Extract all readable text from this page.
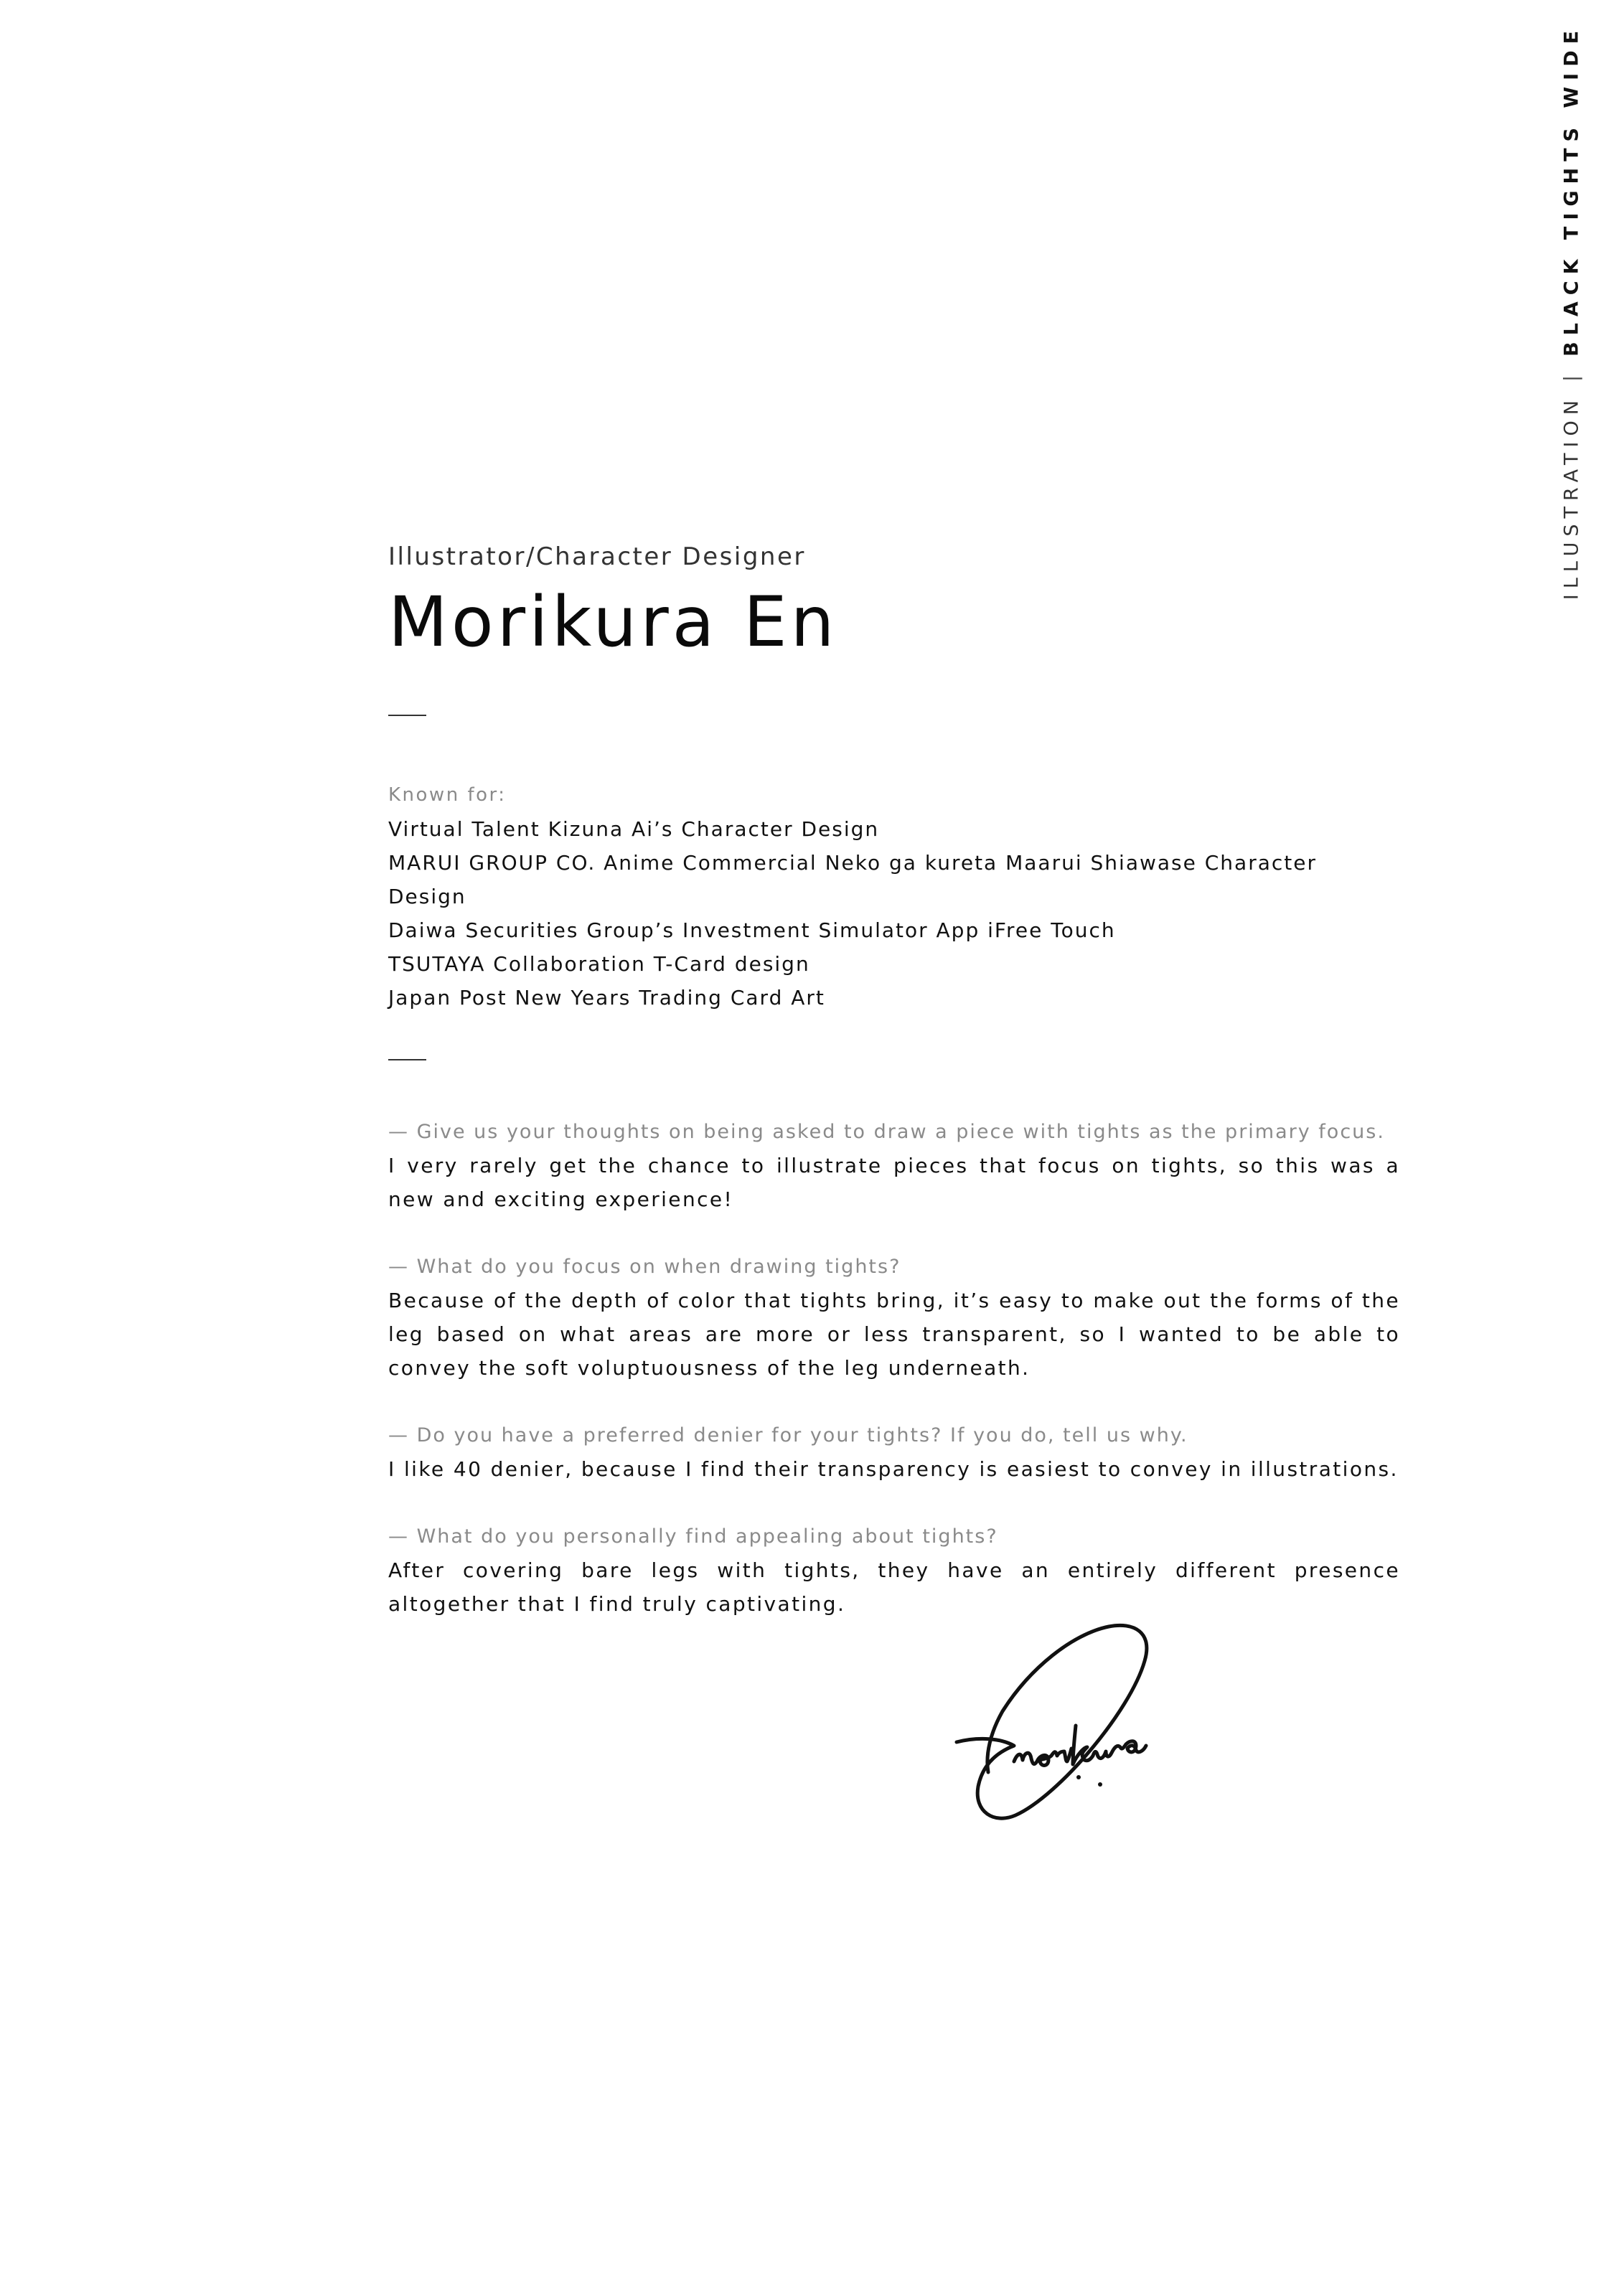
ILLUSTRATION|BLACK TIGHTS WIDE

Illustrator/Character Designer

Morikura En
Known for:
Virtual Talent Kizuna Ai’s Character Design
MARUI GROUP CO. Anime Commercial Neko ga kureta Maarui Shiawase Character Design
Daiwa Securities Group’s Investment Simulator App iFree Touch
TSUTAYA Collaboration T-Card design
Japan Post New Years Trading Card Art
— Give us your thoughts on being asked to draw a piece with tights as the primary focus.
I very rarely get the chance to illustrate pieces that focus on tights, so this was a new and exciting experience!
— What do you focus on when drawing tights?
Because of the depth of color that tights bring, it’s easy to make out the forms of the leg based on what areas are more or less transparent, so I wanted to be able to convey the soft voluptuousness of the leg underneath.
— Do you have a preferred denier for your tights? If you do, tell us why.
I like 40 denier, because I find their transparency is easiest to convey in illustrations.
— What do you personally find appealing about tights?
After covering bare legs with tights, they have an entirely different presence altogether that I find truly captivating.
